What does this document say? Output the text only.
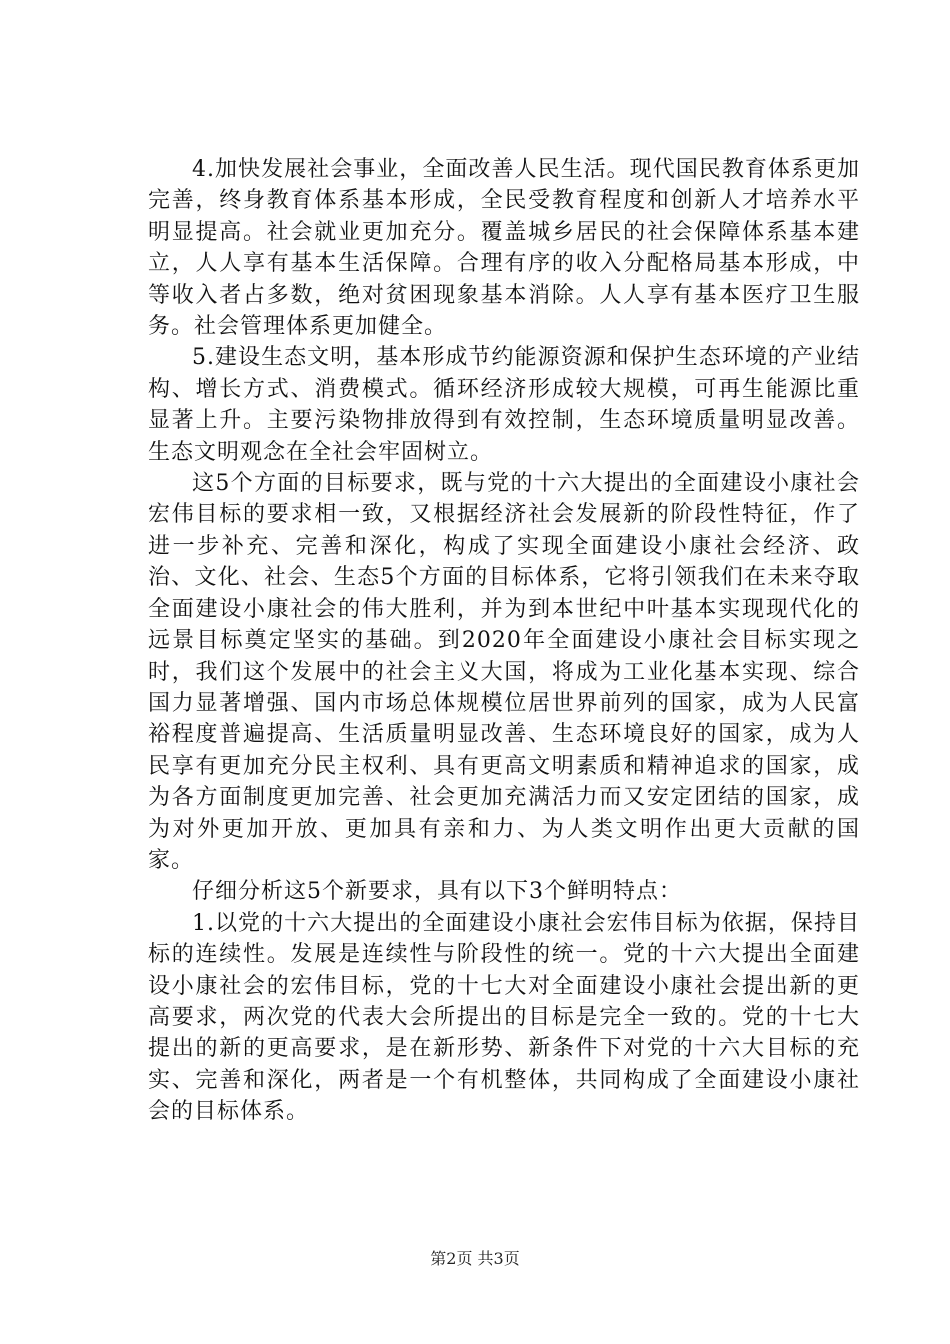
4.加快发展社会事业，全面改善人民生活。现代国民教育体系更加完善，终身教育体系基本形成，全民受教育程度和创新人才培养水平明显提高。社会就业更加充分。覆盖城乡居民的社会保障体系基本建立，人人享有基本生活保障。合理有序的收入分配格局基本形成，中等收入者占多数，绝对贫困现象基本消除。人人享有基本医疗卫生服务。社会管理体系更加健全。

5.建设生态文明，基本形成节约能源资源和保护生态环境的产业结构、增长方式、消费模式。循环经济形成较大规模，可再生能源比重显著上升。主要污染物排放得到有效控制，生态环境质量明显改善。生态文明观念在全社会牢固树立。

这5个方面的目标要求，既与党的十六大提出的全面建设小康社会宏伟目标的要求相一致，又根据经济社会发展新的阶段性特征，作了进一步补充、完善和深化，构成了实现全面建设小康社会经济、政治、文化、社会、生态5个方面的目标体系，它将引领我们在未来夺取全面建设小康社会的伟大胜利，并为到本世纪中叶基本实现现代化的远景目标奠定坚实的基础。到2020年全面建设小康社会目标实现之时，我们这个发展中的社会主义大国，将成为工业化基本实现、综合国力显著增强、国内市场总体规模位居世界前列的国家，成为人民富裕程度普遍提高、生活质量明显改善、生态环境良好的国家，成为人民享有更加充分民主权利、具有更高文明素质和精神追求的国家，成为各方面制度更加完善、社会更加充满活力而又安定团结的国家，成为对外更加开放、更加具有亲和力、为人类文明作出更大贡献的国家。

仔细分析这5个新要求，具有以下3个鲜明特点：

1.以党的十六大提出的全面建设小康社会宏伟目标为依据，保持目标的连续性。发展是连续性与阶段性的统一。党的十六大提出全面建设小康社会的宏伟目标，党的十七大对全面建设小康社会提出新的更高要求，两次党的代表大会所提出的目标是完全一致的。党的十七大提出的新的更高要求，是在新形势、新条件下对党的十六大目标的充实、完善和深化，两者是一个有机整体，共同构成了全面建设小康社会的目标体系。

第2页 共3页
